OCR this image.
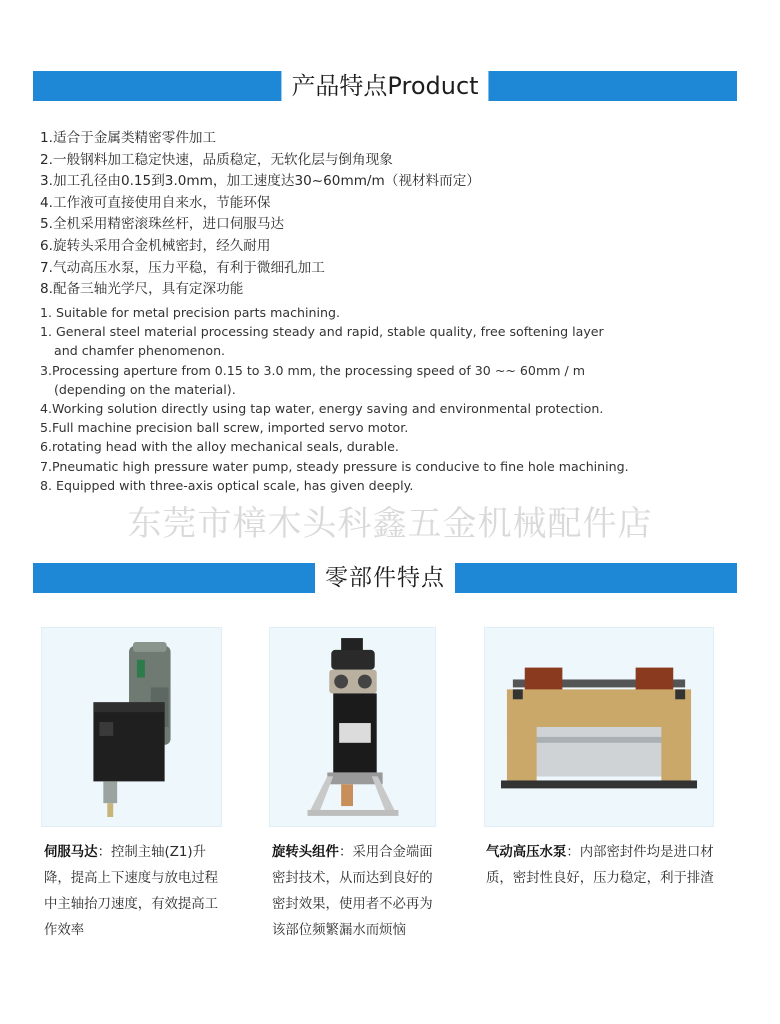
产品特点Product
1.适合于金属类精密零件加工
2.一般钢料加工稳定快速，品质稳定，无软化层与倒角现象
3.加工孔径由0.15到3.0mm，加工速度达30~60mm/m（视材料而定）
4.工作液可直接使用自来水，节能环保
5.全机采用精密滚珠丝杆，进口伺服马达
6.旋转头采用合金机械密封，经久耐用
7.气动高压水泵，压力平稳，有利于微细孔加工
8.配备三轴光学尺，具有定深功能
1. Suitable for metal precision parts machining.
1. General steel material processing steady and rapid, stable quality, free softening layer
and chamfer phenomenon.
3.Processing aperture from 0.15 to 3.0 mm, the processing speed of 30 ~~ 60mm / m
(depending on the material).
4.Working solution directly using tap water, energy saving and environmental protection.
5.Full machine precision ball screw, imported servo motor.
6.rotating head with the alloy mechanical seals, durable.
7.Pneumatic high pressure water pump, steady pressure is conducive to fine hole machining.
8. Equipped with three-axis optical scale, has given deeply.
东莞市樟木头科鑫五金机械配件店
零部件特点
伺服马达：控制主轴(Z1)升降，提高上下速度与放电过程中主轴抬刀速度，有效提高工作效率
旋转头组件：采用合金端面密封技术，从而达到良好的密封效果，使用者不必再为该部位频繁漏水而烦恼
气动高压水泵：内部密封件均是进口材质，密封性良好，压力稳定，利于排渣
